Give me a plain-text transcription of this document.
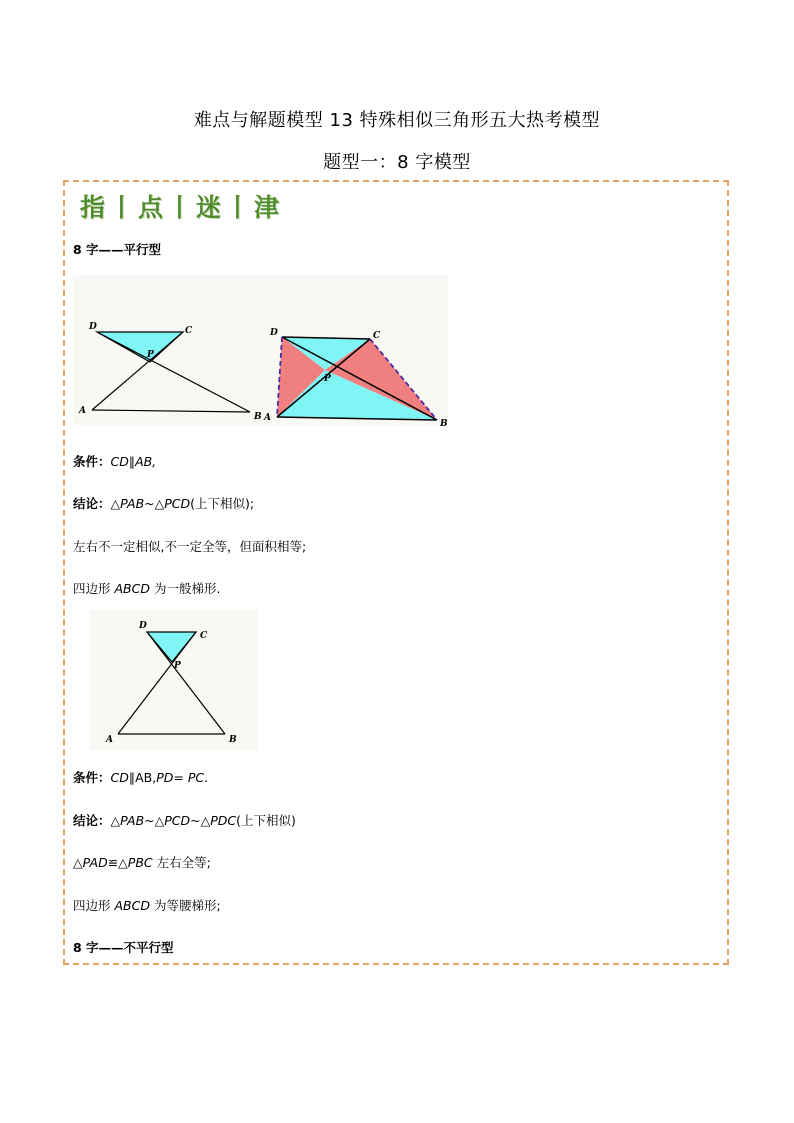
难点与解题模型 13 特殊相似三角形五大热考模型
题型一：8 字模型
指丨点丨迷丨津
8 字——平行型
D	C
P
A
B
D	C
P
A
B
条件：CD∥AB,
结论：△PAB~△PCD(上下相似);
左右不一定相似,不一定全等，但面积相等;
四边形 ABCD 为一般梯形.
D
C
P
A	B
条件：CD∥AB,PD= PC.
结论：△PAB~△PCD~△PDC(上下相似)
△PAD≌△PBC 左右全等;
四边形 ABCD 为等腰梯形;
8 字——不平行型
